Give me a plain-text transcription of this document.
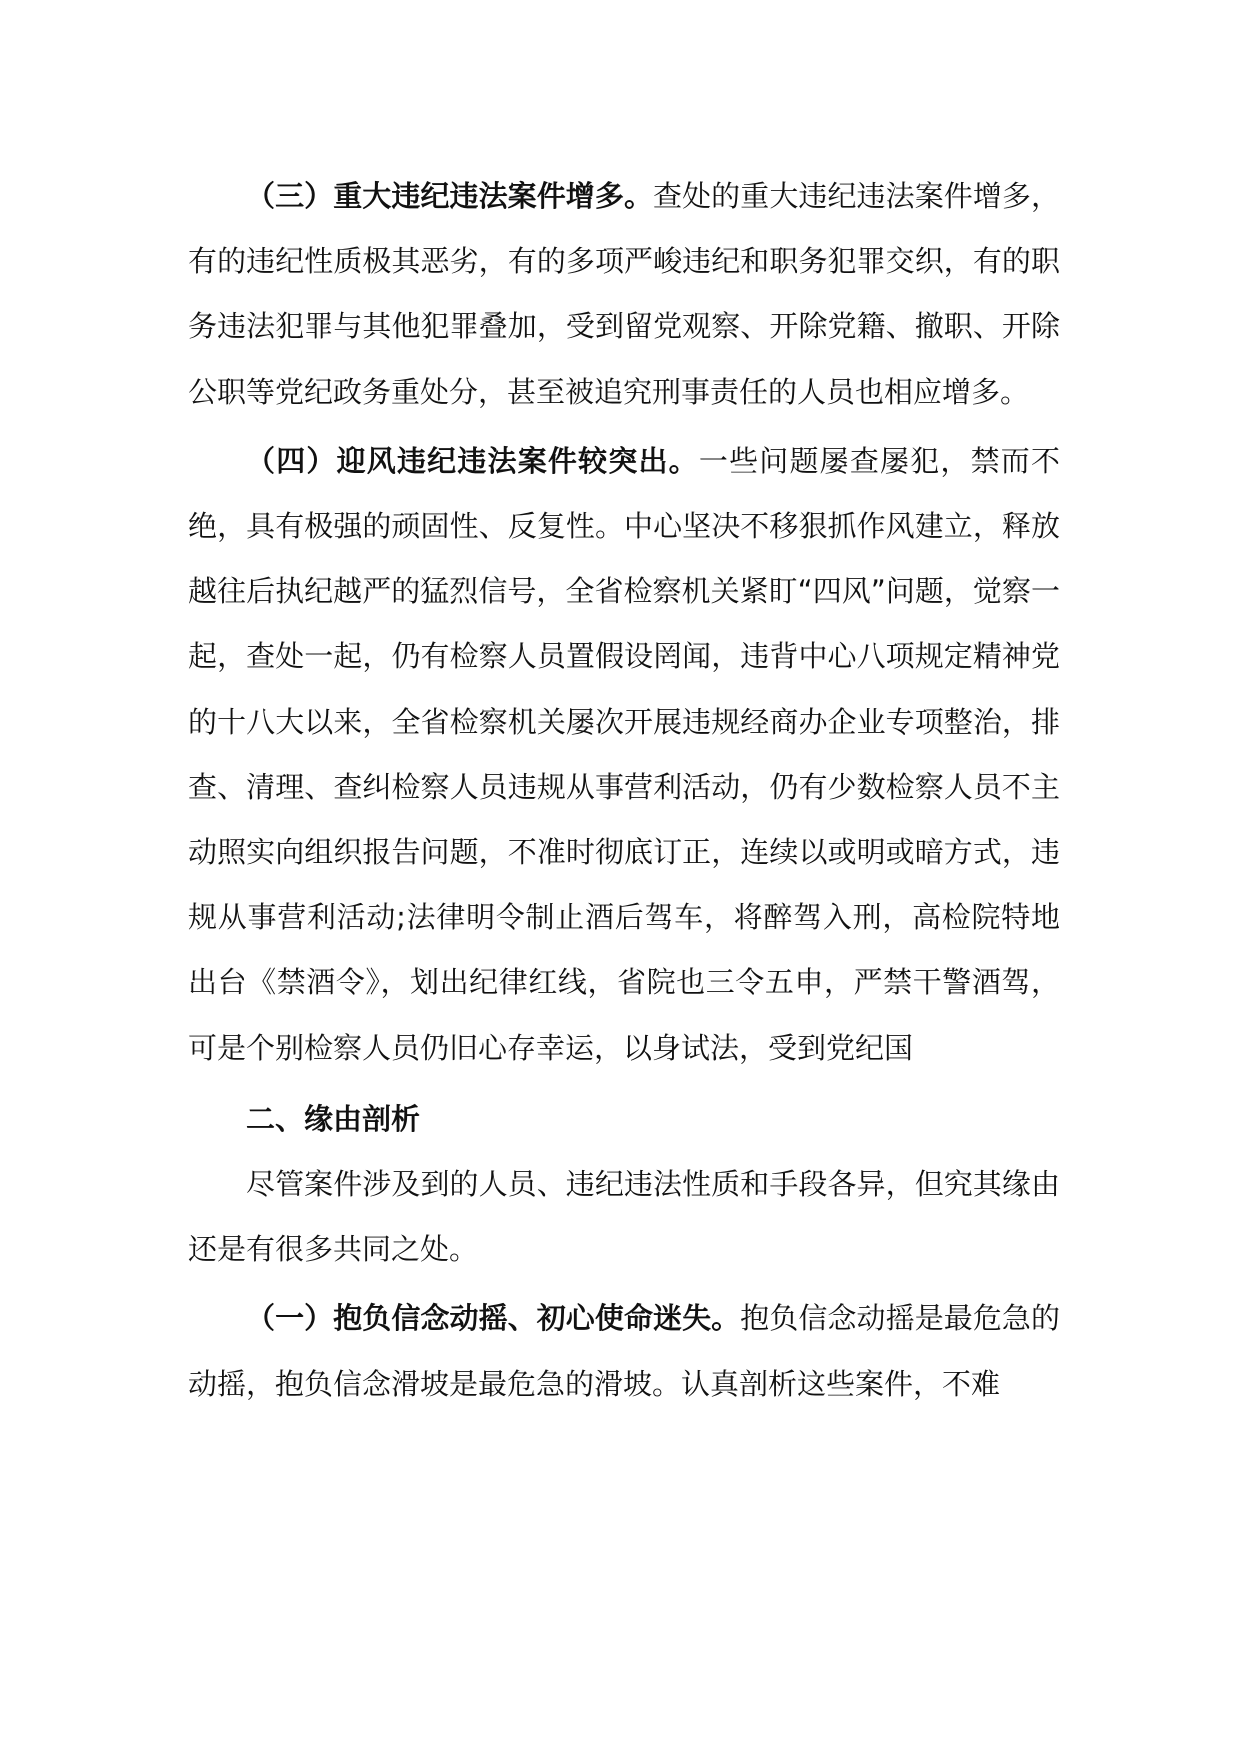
（三）重大违纪违法案件增多。查处的重大违纪违法案件增多，有的违纪性质极其恶劣，有的多项严峻违纪和职务犯罪交织，有的职务违法犯罪与其他犯罪叠加，受到留党观察、开除党籍、撤职、开除公职等党纪政务重处分，甚至被追究刑事责任的人员也相应增多。

（四）迎风违纪违法案件较突出。一些问题屡查屡犯，禁而不绝，具有极强的顽固性、反复性。中心坚决不移狠抓作风建立，释放越往后执纪越严的猛烈信号，全省检察机关紧盯“四风”问题，觉察一起，查处一起，仍有检察人员置假设罔闻，违背中心八项规定精神党的十八大以来，全省检察机关屡次开展违规经商办企业专项整治，排查、清理、查纠检察人员违规从事营利活动，仍有少数检察人员不主动照实向组织报告问题，不准时彻底订正，连续以或明或暗方式，违规从事营利活动;法律明令制止酒后驾车，将醉驾入刑，高检院特地出台《禁酒令》，划出纪律红线，省院也三令五申，严禁干警酒驾，可是个别检察人员仍旧心存幸运，以身试法，受到党纪国

二、缘由剖析

尽管案件涉及到的人员、违纪违法性质和手段各异，但究其缘由还是有很多共同之处。

（一）抱负信念动摇、初心使命迷失。抱负信念动摇是最危急的动摇，抱负信念滑坡是最危急的滑坡。认真剖析这些案件，不难
